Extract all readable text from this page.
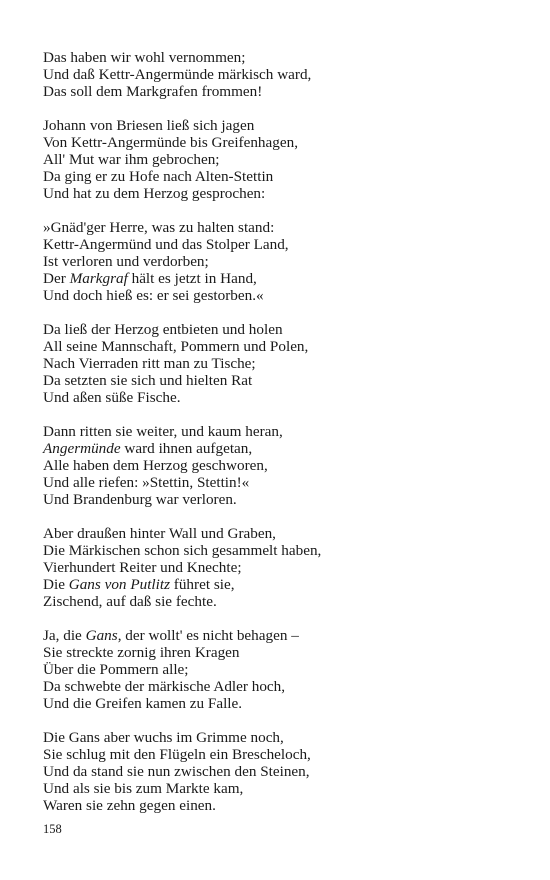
Das haben wir wohl vernommen;
Und daß Kettr-Angermünde märkisch ward,
Das soll dem Markgrafen frommen!
Johann von Briesen ließ sich jagen
Von Kettr-Angermünde bis Greifenhagen,
All' Mut war ihm gebrochen;
Da ging er zu Hofe nach Alten-Stettin
Und hat zu dem Herzog gesprochen:
»Gnäd'ger Herre, was zu halten stand:
Kettr-Angermünd und das Stolper Land,
Ist verloren und verdorben;
Der Markgraf hält es jetzt in Hand,
Und doch hieß es: er sei gestorben.«
Da ließ der Herzog entbieten und holen
All seine Mannschaft, Pommern und Polen,
Nach Vierraden ritt man zu Tische;
Da setzten sie sich und hielten Rat
Und aßen süße Fische.
Dann ritten sie weiter, und kaum heran,
Angermünde ward ihnen aufgetan,
Alle haben dem Herzog geschworen,
Und alle riefen: »Stettin, Stettin!«
Und Brandenburg war verloren.
Aber draußen hinter Wall und Graben,
Die Märkischen schon sich gesammelt haben,
Vierhundert Reiter und Knechte;
Die Gans von Putlitz führet sie,
Zischend, auf daß sie fechte.
Ja, die Gans, der wollt' es nicht behagen –
Sie streckte zornig ihren Kragen
Über die Pommern alle;
Da schwebte der märkische Adler hoch,
Und die Greifen kamen zu Falle.
Die Gans aber wuchs im Grimme noch,
Sie schlug mit den Flügeln ein Brescheloch,
Und da stand sie nun zwischen den Steinen,
Und als sie bis zum Markte kam,
Waren sie zehn gegen einen.
158
